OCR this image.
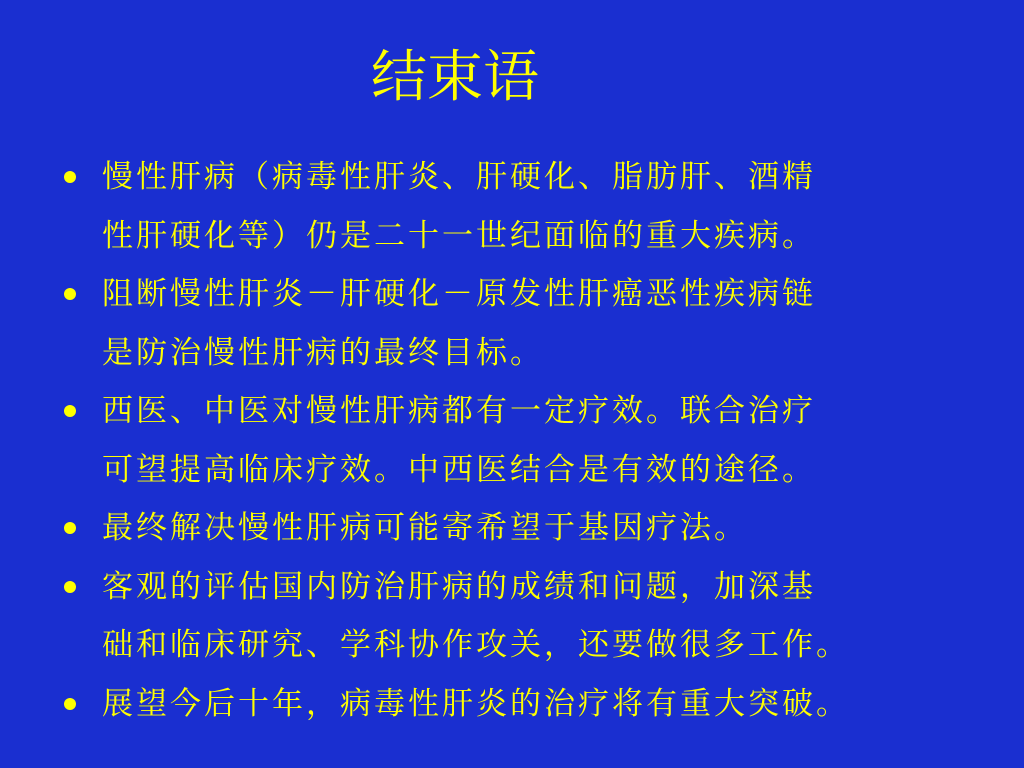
结束语
慢性肝病（病毒性肝炎、肝硬化、脂肪肝、酒精
性肝硬化等）仍是二十一世纪面临的重大疾病。
阻断慢性肝炎－肝硬化－原发性肝癌恶性疾病链
是防治慢性肝病的最终目标。
西医、中医对慢性肝病都有一定疗效。联合治疗
可望提高临床疗效。中西医结合是有效的途径。
最终解决慢性肝病可能寄希望于基因疗法。
客观的评估国内防治肝病的成绩和问题，加深基
础和临床研究、学科协作攻关，还要做很多工作。
展望今后十年，病毒性肝炎的治疗将有重大突破。
